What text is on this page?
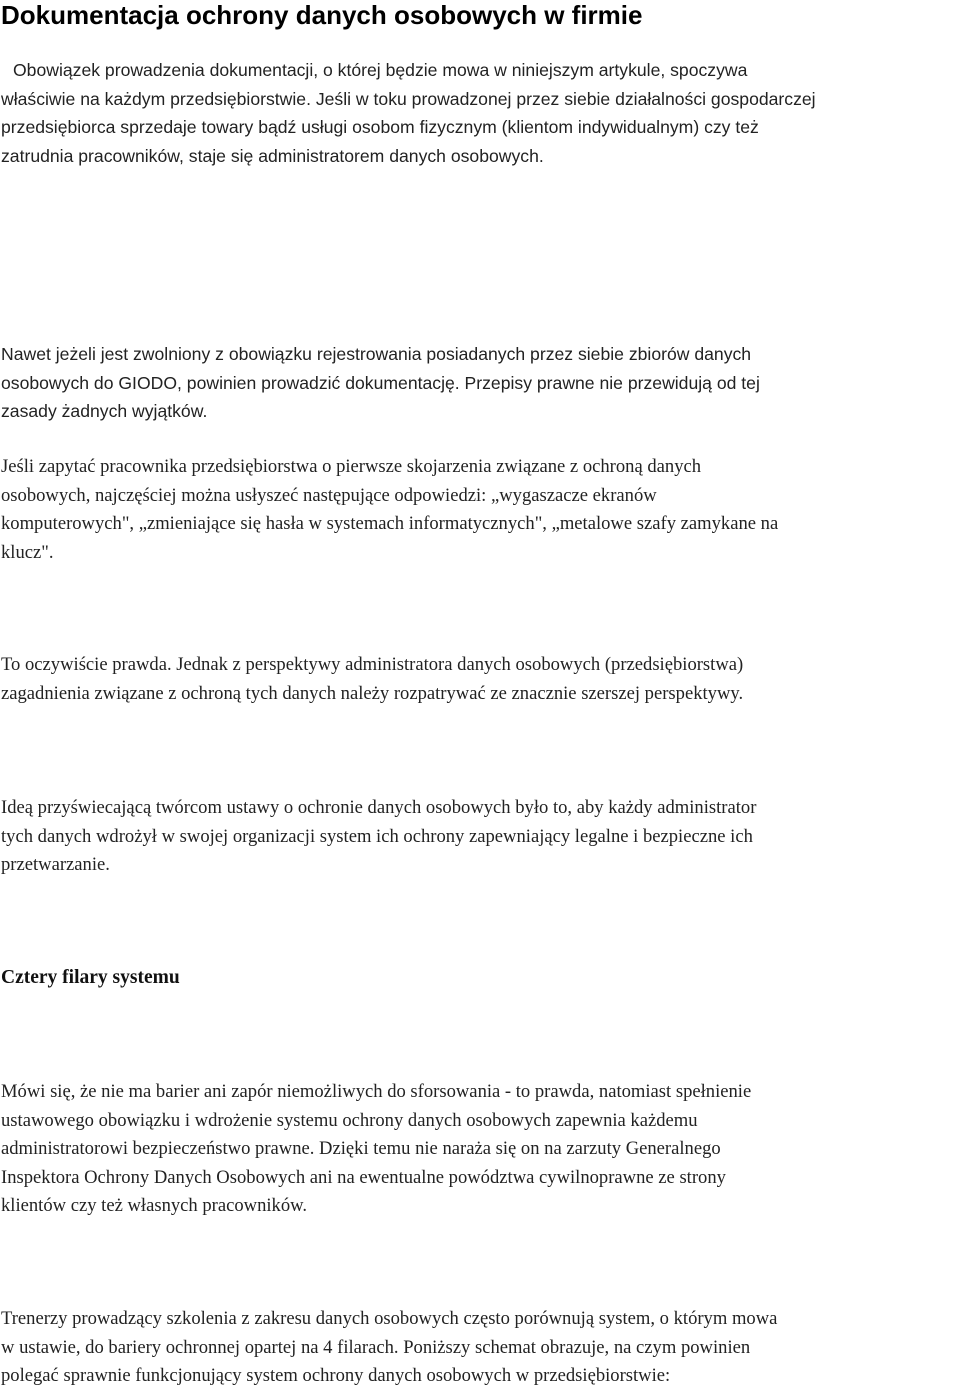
Dokumentacja ochrony danych osobowych w firmie
Obowiązek prowadzenia dokumentacji, o której będzie mowa w niniejszym artykule, spoczywa
właściwie na każdym przedsiębiorstwie. Jeśli w toku prowadzonej przez siebie działalności gospodarczej
przedsiębiorca sprzedaje towary bądź usługi osobom fizycznym (klientom indywidualnym) czy też
zatrudnia pracowników, staje się administratorem danych osobowych.
Nawet jeżeli jest zwolniony z obowiązku rejestrowania posiadanych przez siebie zbiorów danych
osobowych do GIODO, powinien prowadzić dokumentację. Przepisy prawne nie przewidują od tej
zasady żadnych wyjątków.
Jeśli zapytać pracownika przedsiębiorstwa o pierwsze skojarzenia związane z ochroną danych
osobowych, najczęściej można usłyszeć następujące odpowiedzi: „wygaszacze ekranów
komputerowych", „zmieniające się hasła w systemach informatycznych", „metalowe szafy zamykane na
klucz".
To oczywiście prawda. Jednak z perspektywy administratora danych osobowych (przedsiębiorstwa)
zagadnienia związane z ochroną tych danych należy rozpatrywać ze znacznie szerszej perspektywy.
Ideą przyświecającą twórcom ustawy o ochronie danych osobowych było to, aby każdy administrator
tych danych wdrożył w swojej organizacji system ich ochrony zapewniający legalne i bezpieczne ich
przetwarzanie.
Cztery filary systemu
Mówi się, że nie ma barier ani zapór niemożliwych do sforsowania - to prawda, natomiast spełnienie
ustawowego obowiązku i wdrożenie systemu ochrony danych osobowych zapewnia każdemu
administratorowi bezpieczeństwo prawne. Dzięki temu nie naraża się on na zarzuty Generalnego
Inspektora Ochrony Danych Osobowych ani na ewentualne powództwa cywilnoprawne ze strony
klientów czy też własnych pracowników.
Trenerzy prowadzący szkolenia z zakresu danych osobowych często porównują system, o którym mowa
w ustawie, do bariery ochronnej opartej na 4 filarach. Poniższy schemat obrazuje, na czym powinien
polegać sprawnie funkcjonujący system ochrony danych osobowych w przedsiębiorstwie:
